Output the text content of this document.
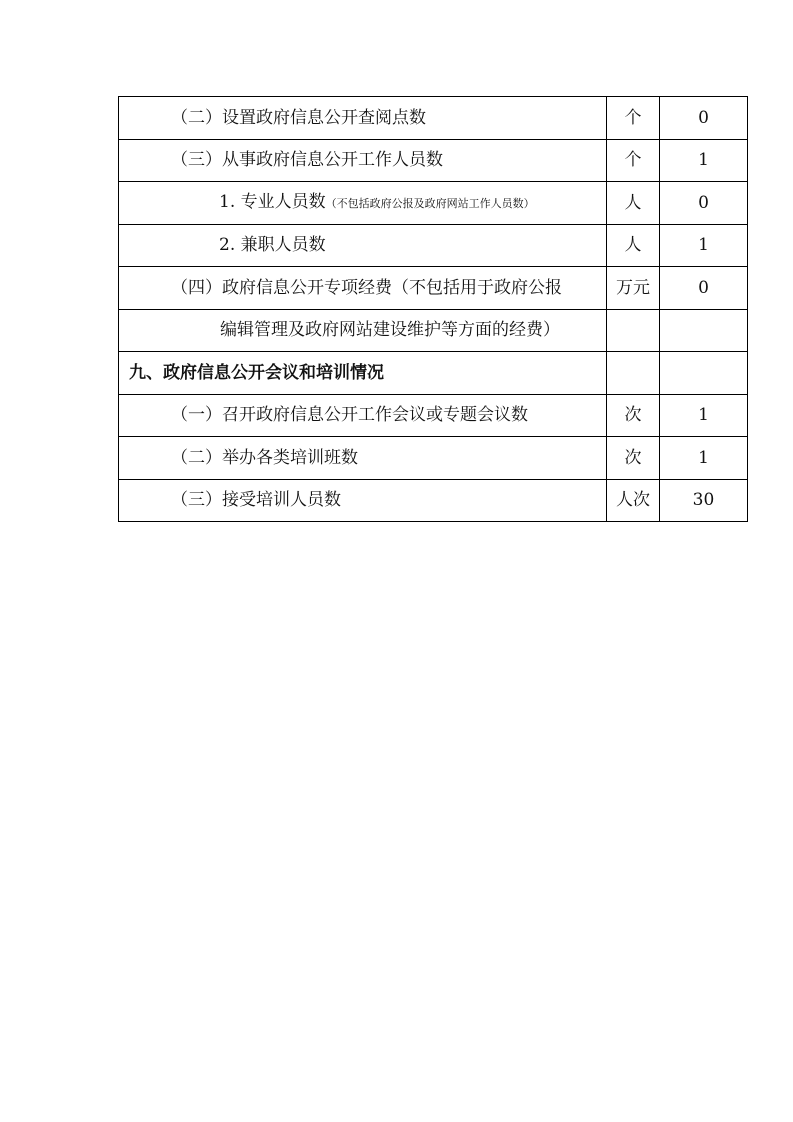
（二）设置政府信息公开查阅点数	个	0
（三）从事政府信息公开工作人员数	个	1
1. 专业人员数（不包括政府公报及政府网站工作人员数）	人	0
2. 兼职人员数	人	1
（四）政府信息公开专项经费（不包括用于政府公报	万元	0
编辑管理及政府网站建设维护等方面的经费）		
九、政府信息公开会议和培训情况		
（一）召开政府信息公开工作会议或专题会议数	次	1
（二）举办各类培训班数	次	1
（三）接受培训人员数	人次	30
